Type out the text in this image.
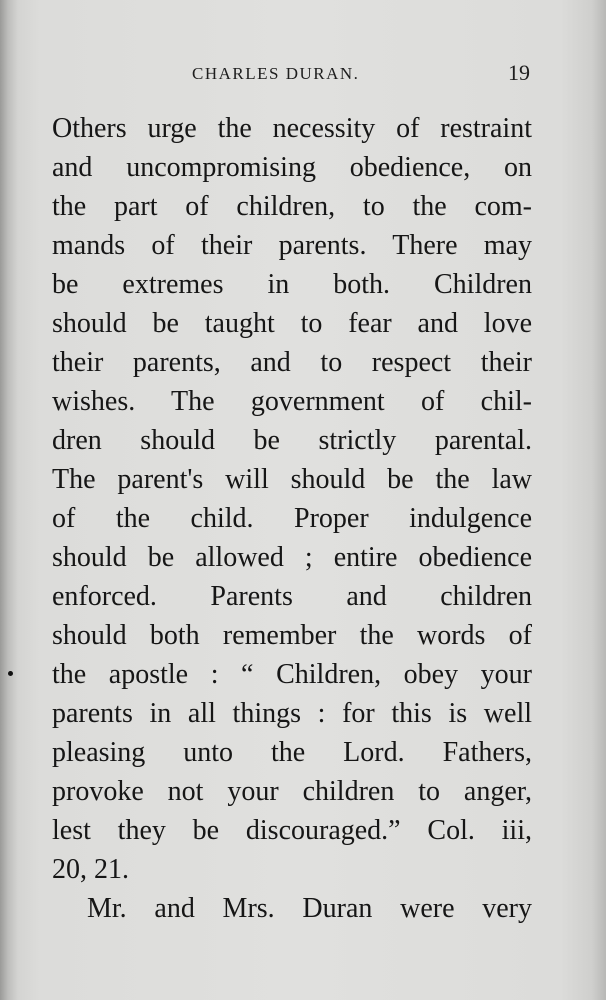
CHARLES DURAN.	19
Others urge the necessity of restraint
and uncompromising obedience, on
the part of children, to the com-
mands of their parents. There may
be extremes in both. Children
should be taught to fear and love
their parents, and to respect their
wishes. The government of chil-
dren should be strictly parental.
The parent's will should be the law
of the child. Proper indulgence
should be allowed ; entire obedience
enforced. Parents and children
should both remember the words of
the apostle : “ Children, obey your
parents in all things : for this is well
pleasing unto the Lord. Fathers,
provoke not your children to anger,
lest they be discouraged.” Col. iii,
20, 21.
Mr. and Mrs. Duran were very
